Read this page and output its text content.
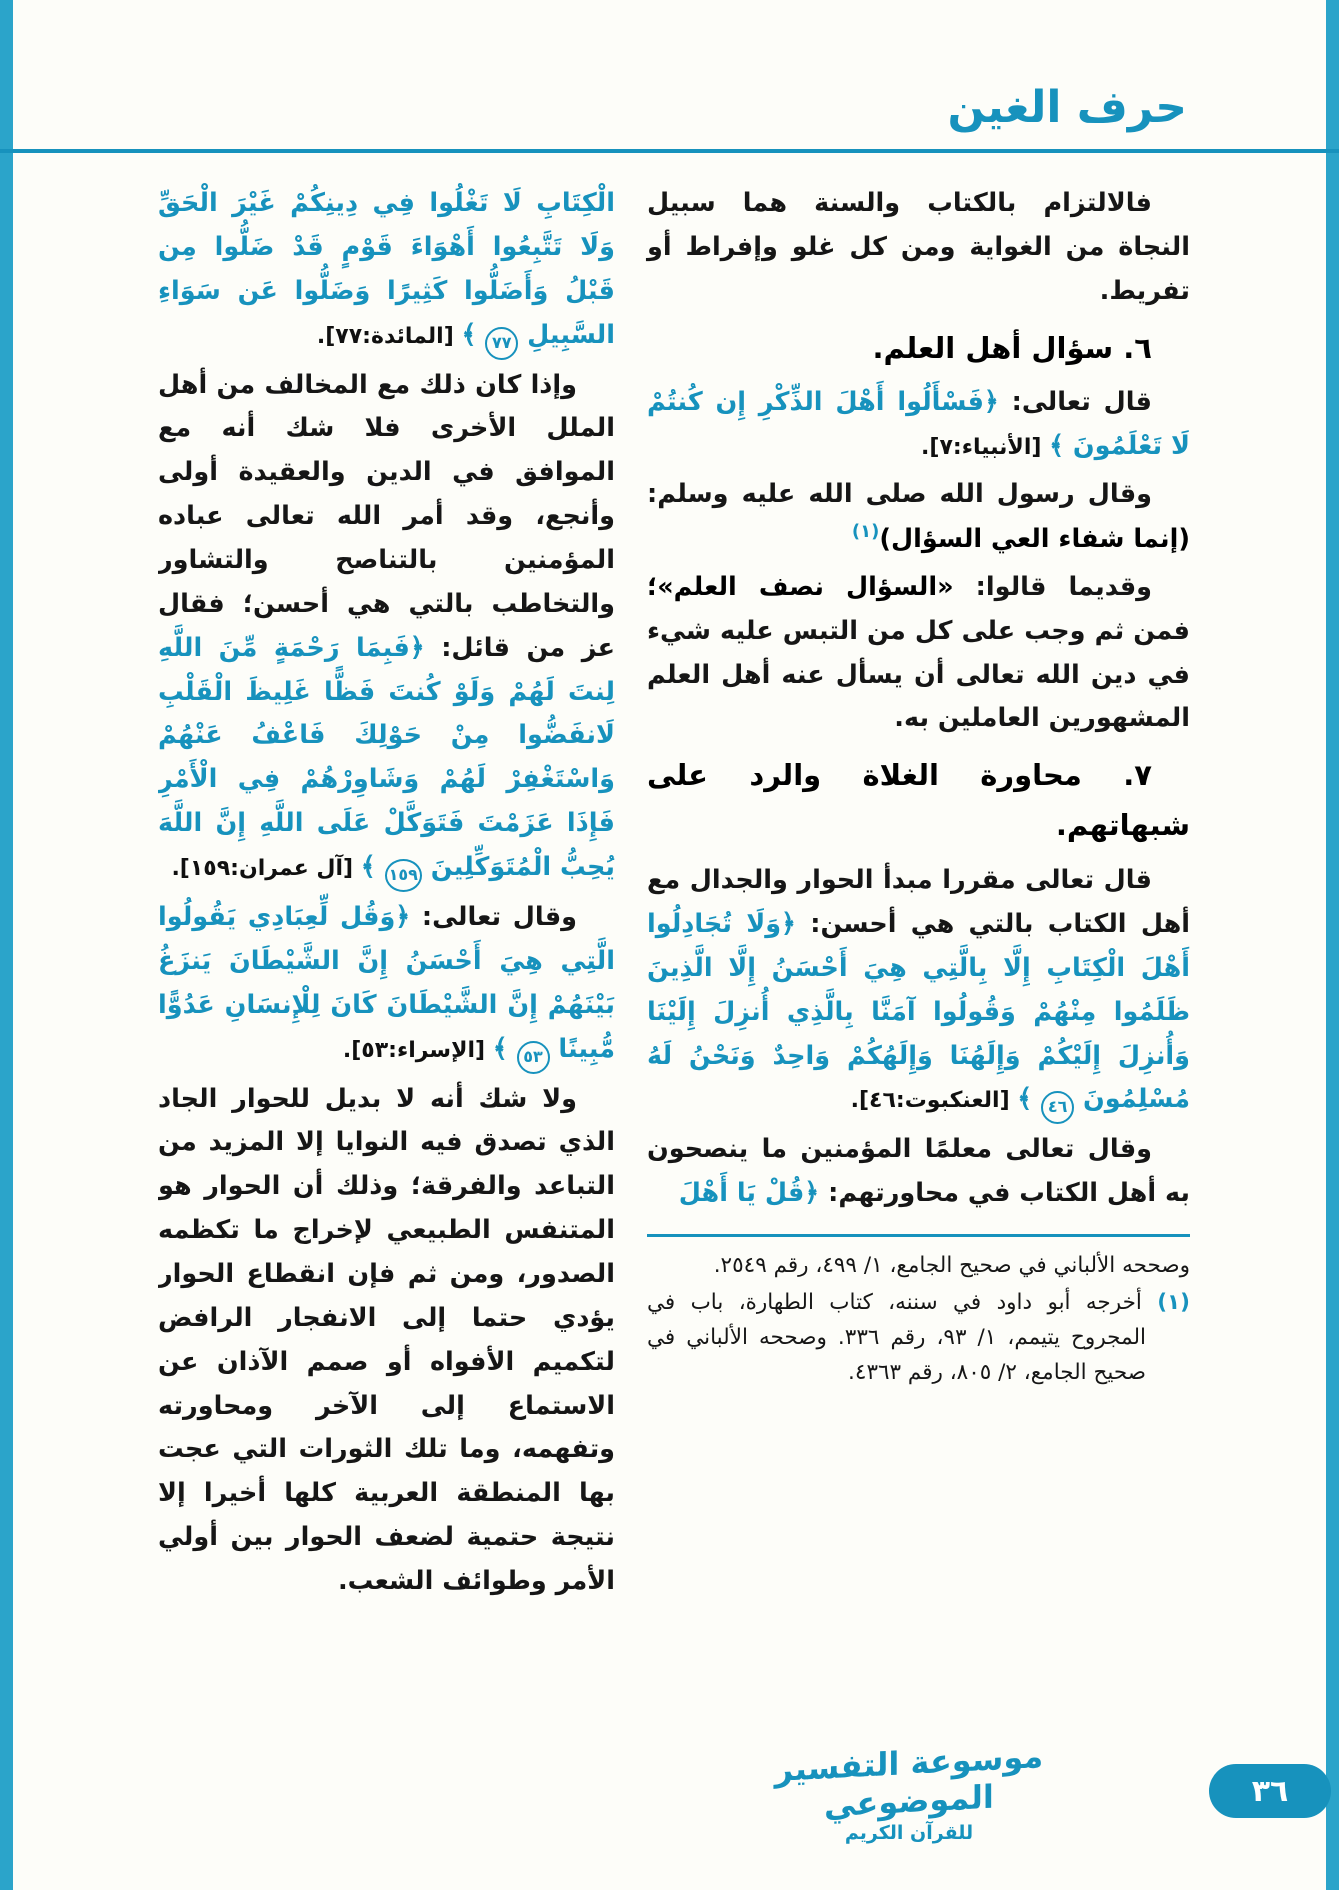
حرف الغين

فالالتزام بالكتاب والسنة هما سبيل النجاة من الغواية ومن كل غلو وإفراط أو تفريط.

٦. سؤال أهل العلم.

قال تعالى: ﴿فَسْأَلُوا أَهْلَ الذِّكْرِ إِن كُنتُمْ لَا تَعْلَمُونَ ﴾ [الأنبياء:٧].

وقال رسول الله صلى الله عليه وسلم: (إنما شفاء العي السؤال)$^{(١)}$

وقديما قالوا: «السؤال نصف العلم»؛ فمن ثم وجب على كل من التبس عليه شيء في دين الله تعالى أن يسأل عنه أهل العلم المشهورين العاملين به.

٧. محاورة الغلاة والرد على شبهاتهم.

قال تعالى مقررا مبدأ الحوار والجدال مع أهل الكتاب بالتي هي أحسن: ﴿وَلَا تُجَادِلُوا أَهْلَ الْكِتَابِ إِلَّا بِالَّتِي هِيَ أَحْسَنُ إِلَّا الَّذِينَ ظَلَمُوا مِنْهُمْ وَقُولُوا آمَنَّا بِالَّذِي أُنزِلَ إِلَيْنَا وَأُنزِلَ إِلَيْكُمْ وَإِلَهُنَا وَإِلَهُكُمْ وَاحِدٌ وَنَحْنُ لَهُ مُسْلِمُونَ ٤٦ ﴾ [العنكبوت:٤٦].

وقال تعالى معلمًا المؤمنين ما ينصحون به أهل الكتاب في محاورتهم: ﴿قُلْ يَا أَهْلَ

وصححه الألباني في صحيح الجامع، ١/ ٤٩٩، رقم ٢٥٤٩.

(١) أخرجه أبو داود في سننه، كتاب الطهارة، باب في المجروح يتيمم، ١/ ٩٣، رقم ٣٣٦. وصححه الألباني في صحيح الجامع، ٢/ ٨٠٥، رقم ٤٣٦٣.

الْكِتَابِ لَا تَغْلُوا فِي دِينِكُمْ غَيْرَ الْحَقِّ وَلَا تَتَّبِعُوا أَهْوَاءَ قَوْمٍ قَدْ ضَلُّوا مِن قَبْلُ وَأَضَلُّوا كَثِيرًا وَضَلُّوا عَن سَوَاءِ السَّبِيلِ ٧٧ ﴾ [المائدة:٧٧].

وإذا كان ذلك مع المخالف من أهل الملل الأخرى فلا شك أنه مع الموافق في الدين والعقيدة أولى وأنجع، وقد أمر الله تعالى عباده المؤمنين بالتناصح والتشاور والتخاطب بالتي هي أحسن؛ فقال عز من قائل: ﴿فَبِمَا رَحْمَةٍ مِّنَ اللَّهِ لِنتَ لَهُمْ وَلَوْ كُنتَ فَظًّا غَلِيظَ الْقَلْبِ لَانفَضُّوا مِنْ حَوْلِكَ فَاعْفُ عَنْهُمْ وَاسْتَغْفِرْ لَهُمْ وَشَاوِرْهُمْ فِي الْأَمْرِ فَإِذَا عَزَمْتَ فَتَوَكَّلْ عَلَى اللَّهِ إِنَّ اللَّهَ يُحِبُّ الْمُتَوَكِّلِينَ ١٥٩ ﴾ [آل عمران:١٥٩].

وقال تعالى: ﴿وَقُل لِّعِبَادِي يَقُولُوا الَّتِي هِيَ أَحْسَنُ إِنَّ الشَّيْطَانَ يَنزَغُ بَيْنَهُمْ إِنَّ الشَّيْطَانَ كَانَ لِلْإِنسَانِ عَدُوًّا مُّبِينًا ٥٣ ﴾ [الإسراء:٥٣].

ولا شك أنه لا بديل للحوار الجاد الذي تصدق فيه النوايا إلا المزيد من التباعد والفرقة؛ وذلك أن الحوار هو المتنفس الطبيعي لإخراج ما تكظمه الصدور، ومن ثم فإن انقطاع الحوار يؤدي حتما إلى الانفجار الرافض لتكميم الأفواه أو صمم الآذان عن الاستماع إلى الآخر ومحاورته وتفهمه، وما تلك الثورات التي عجت بها المنطقة العربية كلها أخيرا إلا نتيجة حتمية لضعف الحوار بين أولي الأمر وطوائف الشعب.

موسوعة التفسير الموضوعي
للقرآن الكريم
٣٦
